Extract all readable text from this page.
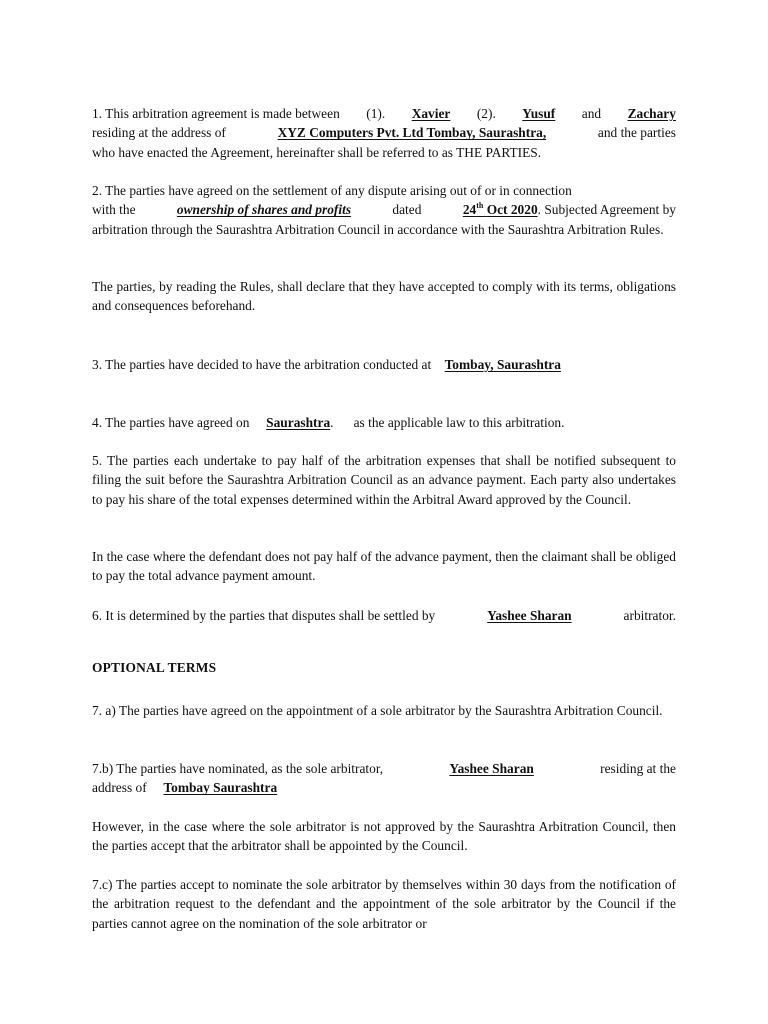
1. This arbitration agreement is made between (1). Xavier (2). Yusuf and Zachary
residing at the address of	XYZ Computers Pvt. Ltd Tombay, Saurashtra,	and the parties
who have enacted the Agreement, hereinafter shall be referred to as THE PARTIES.
2. The parties have agreed on the settlement of any dispute arising out of or in connection
with the	ownership of shares and profits	dated	24th Oct 2020. Subjected Agreement by
arbitration through the Saurashtra Arbitration Council in accordance with the Saurashtra Arbitration Rules.
The parties, by reading the Rules, shall declare that they have accepted to comply with its terms, obligations and consequences beforehand.
3. The parties have decided to have the arbitration conducted at Tombay, Saurashtra
4. The parties have agreed on Saurashtra. as the applicable law to this arbitration.
5. The parties each undertake to pay half of the arbitration expenses that shall be notified subsequent to filing the suit before the Saurashtra Arbitration Council as an advance payment. Each party also undertakes to pay his share of the total expenses determined within the Arbitral Award approved by the Council.
In the case where the defendant does not pay half of the advance payment, then the claimant shall be obliged to pay the total advance payment amount.
6. It is determined by the parties that disputes shall be settled by	Yashee Sharan	arbitrator.
OPTIONAL TERMS
7. a) The parties have agreed on the appointment of a sole arbitrator by the Saurashtra Arbitration Council.
7.b) The parties have nominated, as the sole arbitrator,	Yashee Sharan	residing at the
address of Tombay Saurashtra
However, in the case where the sole arbitrator is not approved by the Saurashtra Arbitration Council, then the parties accept that the arbitrator shall be appointed by the Council.
7.c) The parties accept to nominate the sole arbitrator by themselves within 30 days from the notification of the arbitration request to the defendant and the appointment of the sole arbitrator by the Council if the parties cannot agree on the nomination of the sole arbitrator or
